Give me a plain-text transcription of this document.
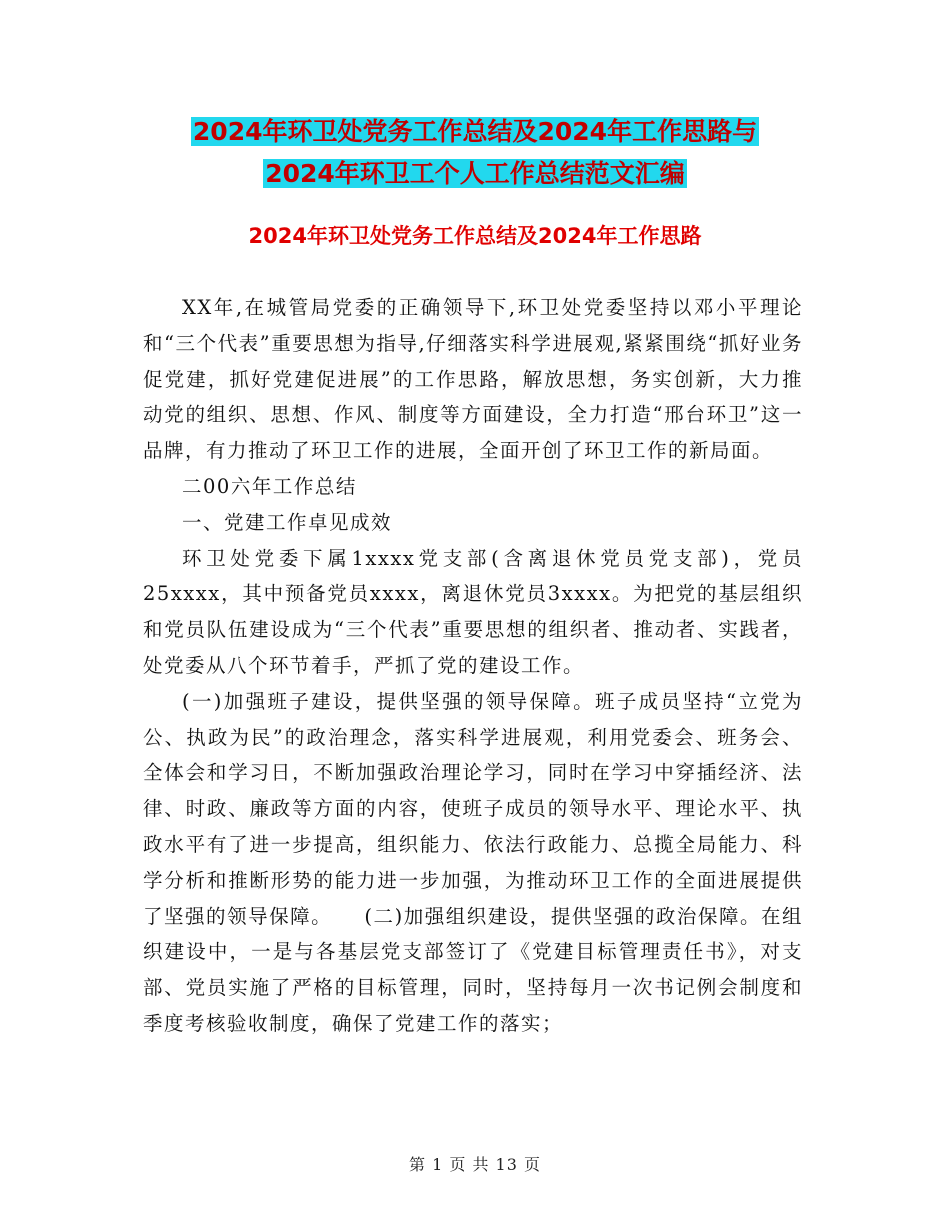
2024年环卫处党务工作总结及2024年工作思路与
2024年环卫工个人工作总结范文汇编
2024年环卫处党务工作总结及2024年工作思路

XX年,在城管局党委的正确领导下,环卫处党委坚持以邓小平理论和“三个代表”重要思想为指导,仔细落实科学进展观,紧紧围绕“抓好业务促党建，抓好党建促进展”的工作思路，解放思想，务实创新，大力推动党的组织、思想、作风、制度等方面建设，全力打造“邢台环卫”这一品牌，有力推动了环卫工作的进展，全面开创了环卫工作的新局面。

二00六年工作总结

一、党建工作卓见成效

环卫处党委下属1xxxx党支部(含离退休党员党支部)，党员25xxxx，其中预备党员xxxx，离退休党员3xxxx。为把党的基层组织和党员队伍建设成为“三个代表”重要思想的组织者、推动者、实践者，处党委从八个环节着手，严抓了党的建设工作。

(一)加强班子建设，提供坚强的领导保障。班子成员坚持“立党为公、执政为民”的政治理念，落实科学进展观，利用党委会、班务会、全体会和学习日，不断加强政治理论学习，同时在学习中穿插经济、法律、时政、廉政等方面的内容，使班子成员的领导水平、理论水平、执政水平有了进一步提高，组织能力、依法行政能力、总揽全局能力、科学分析和推断形势的能力进一步加强，为推动环卫工作的全面进展提供了坚强的领导保障。　　(二)加强组织建设，提供坚强的政治保障。在组织建设中，一是与各基层党支部签订了《党建目标管理责任书》，对支部、党员实施了严格的目标管理，同时，坚持每月一次书记例会制度和季度考核验收制度，确保了党建工作的落实；

第 1 页 共 13 页
